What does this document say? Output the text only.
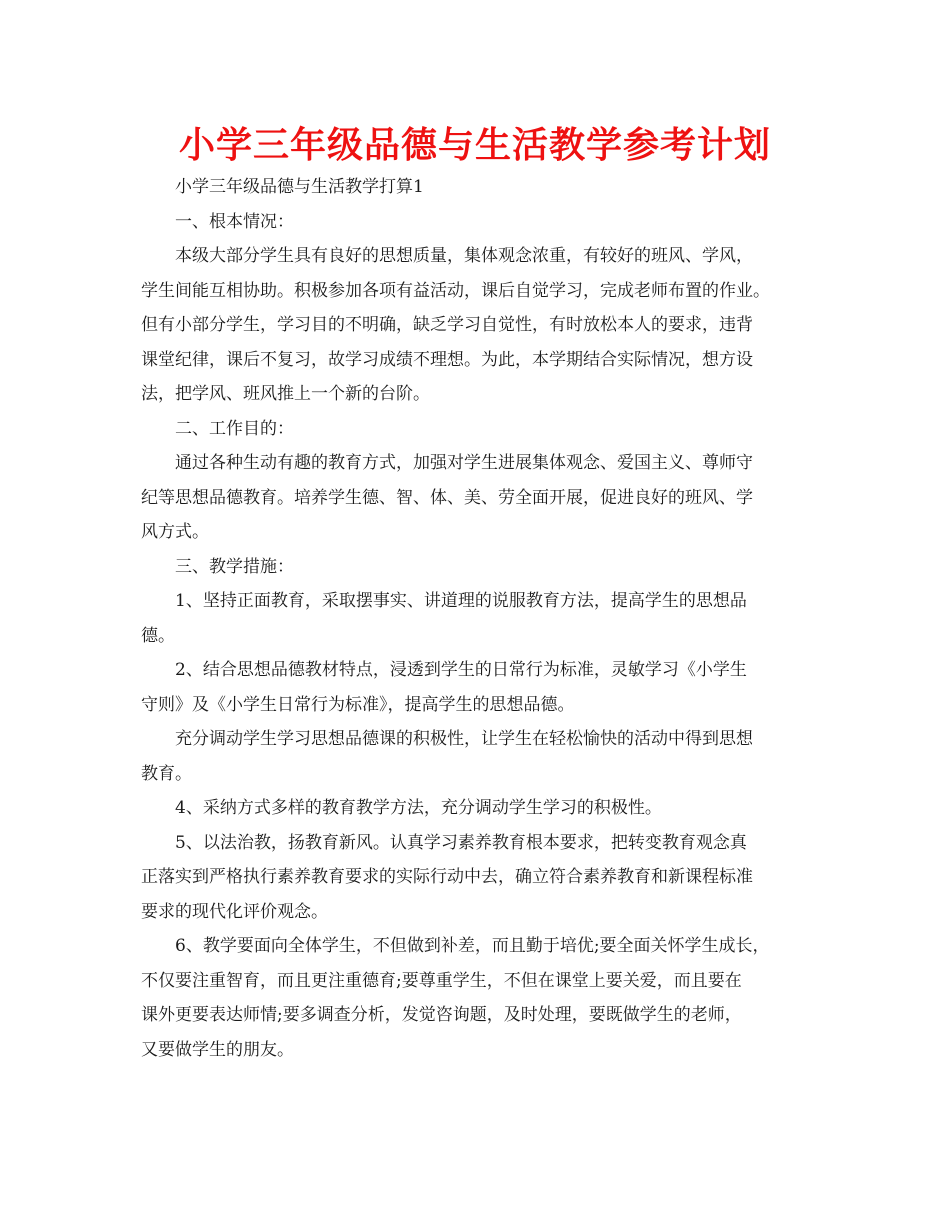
小学三年级品德与生活教学参考计划
小学三年级品德与生活教学打算1
一、根本情况：
本级大部分学生具有良好的思想质量，集体观念浓重，有较好的班风、学风，
学生间能互相协助。积极参加各项有益活动，课后自觉学习，完成老师布置的作业。
但有小部分学生，学习目的不明确，缺乏学习自觉性，有时放松本人的要求，违背
课堂纪律，课后不复习，故学习成绩不理想。为此，本学期结合实际情况，想方设
法，把学风、班风推上一个新的台阶。
二、工作目的：
通过各种生动有趣的教育方式，加强对学生进展集体观念、爱国主义、尊师守
纪等思想品德教育。培养学生德、智、体、美、劳全面开展，促进良好的班风、学
风方式。
三、教学措施：
1、坚持正面教育，采取摆事实、讲道理的说服教育方法，提高学生的思想品
德。
2、结合思想品德教材特点，浸透到学生的日常行为标准，灵敏学习《小学生
守则》及《小学生日常行为标准》，提高学生的思想品德。
充分调动学生学习思想品德课的积极性，让学生在轻松愉快的活动中得到思想
教育。
4、采纳方式多样的教育教学方法，充分调动学生学习的积极性。
5、以法治教，扬教育新风。认真学习素养教育根本要求，把转变教育观念真
正落实到严格执行素养教育要求的实际行动中去，确立符合素养教育和新课程标准
要求的现代化评价观念。
6、教学要面向全体学生，不但做到补差，而且勤于培优;要全面关怀学生成长，
不仅要注重智育，而且更注重德育;要尊重学生，不但在课堂上要关爱，而且要在
课外更要表达师情;要多调查分析，发觉咨询题，及时处理，要既做学生的老师，
又要做学生的朋友。
